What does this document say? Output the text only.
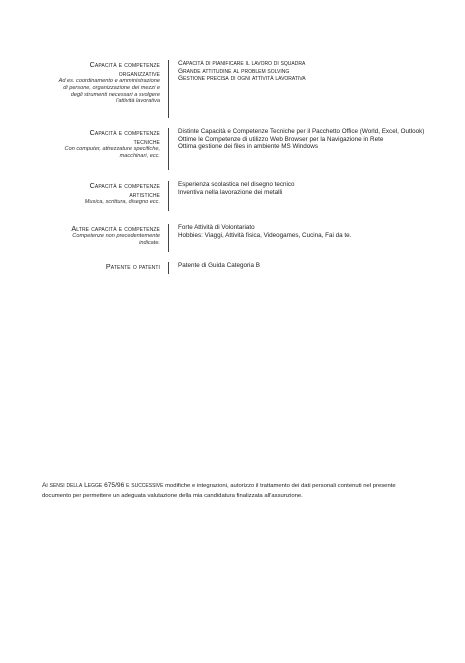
Capacità e competenze
organizzative
Ad es. coordinamento e amministrazione
di persone, organizzazione dei mezzi e
degli strumenti necessari a svolgere
l'attività lavorativa
Capacità di pianificare il lavoro di squadra
Grande attitudine al problem solving
Gestione precisa di ogni attività lavorativa
Capacità e competenze
tecniche
Con computer, attrezzature specifiche,
macchinari, ecc.
Distinte Capacità e Competenze Tecniche per il Pacchetto Office (World, Excel, Outlook)
Ottime le Competenze di utilizzo Web Browser per la Navigazione in Rete
Ottima gestione dei files in ambiente MS Windows
Capacità e competenze
artistiche
Musica, scrittura, disegno ecc.
Esperienza scolastica nel disegno tecnico
Inventiva nella lavorazione dei metalli
Altre capacità e competenze
Competenze non precedentemente
indicate.
Forte Attività di Volontariato
Hobbies: Viaggi, Attività fisica, Videogames, Cucina, Fai da te.
Patente o patenti	Patente di Guida Categoria B
Ai sensi della Legge 675/96 e successive modifiche e integrazioni, autorizzo il trattamento dei dati personali contenuti nel presente
documento per permettere un adeguata valutazione della mia candidatura finalizzata all'assunzione.
